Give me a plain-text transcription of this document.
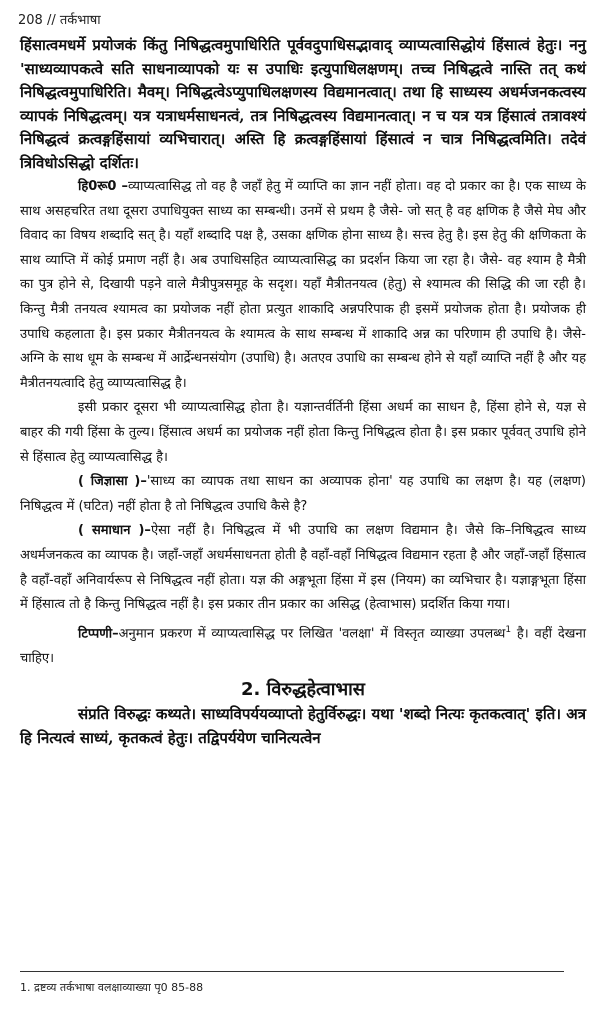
208 // तर्कभाषा

हिंसात्वमधर्मे प्रयोजकं किंतु निषिद्धत्वमुपाधिरिति पूर्ववदुपाधिसद्भावाद् व्याप्यत्वासिद्धोयं हिंसात्वं हेतुः। ननु 'साध्यव्यापकत्वे सति साधनाव्यापको यः स उपाधिः इत्युपाधिलक्षणम्। तच्च निषिद्धत्वे नास्ति तत् कथं निषिद्धत्वमुपाधिरिति। मैवम्। निषिद्धत्वेऽप्युपाधिलक्षणस्य विद्यमानत्वात्। तथा हि साध्यस्य अधर्मजनकत्वस्य व्यापकं निषिद्धत्वम्। यत्र यत्राधर्मसाधनत्वं, तत्र निषिद्धत्वस्य विद्यमानत्वात्। न च यत्र यत्र हिंसात्वं तत्रावश्यं निषिद्धत्वं क्रत्वङ्गहिंसायां व्यभिचारात्। अस्ति हि क्रत्वङ्गहिंसायां हिंसात्वं न चात्र निषिद्धत्वमिति। तदेवं त्रिविधोऽसिद्धो दर्शितः।

हि0रू0 –व्याप्यत्वासिद्ध तो वह है जहाँ हेतु में व्याप्ति का ज्ञान नहीं होता। वह दो प्रकार का है। एक साध्य के साथ असहचरित तथा दूसरा उपाधियुक्त साध्य का सम्बन्धी। उनमें से प्रथम है जैसे- जो सत् है वह क्षणिक है जैसे मेघ और विवाद का विषय शब्दादि सत् है। यहाँ शब्दादि पक्ष है, उसका क्षणिक होना साध्य है। सत्त्व हेतु है। इस हेतु की क्षणिकता के साथ व्याप्ति में कोई प्रमाण नहीं है। अब उपाधिसहित व्याप्यत्वासिद्ध का प्रदर्शन किया जा रहा है। जैसे- वह श्याम है मैत्री का पुत्र होने से, दिखायी पड़ने वाले मैत्रीपुत्रसमूह के सदृश। यहाँ मैत्रीतनयत्व (हेतु) से श्यामत्व की सिद्धि की जा रही है। किन्तु मैत्री तनयत्व श्यामत्व का प्रयोजक नहीं होता प्रत्युत शाकादि अन्नपरिपाक ही इसमें प्रयोजक होता है। प्रयोजक ही उपाधि कहलाता है। इस प्रकार मैत्रीतनयत्व के श्यामत्व के साथ सम्बन्ध में शाकादि अन्न का परिणाम ही उपाधि है। जैसे- अग्नि के साथ धूम के सम्बन्ध में आर्द्रेन्धनसंयोग (उपाधि) है। अतएव उपाधि का सम्बन्ध होने से यहाँ व्याप्ति नहीं है और यह मैत्रीतनयत्वादि हेतु व्याप्यत्वासिद्ध है।

इसी प्रकार दूसरा भी व्याप्यत्वासिद्ध होता है। यज्ञान्तर्वर्तिनी हिंसा अधर्म का साधन है, हिंसा होने से, यज्ञ से बाहर की गयी हिंसा के तुल्य। हिंसात्व अधर्म का प्रयोजक नहीं होता किन्तु निषिद्धत्व होता है। इस प्रकार पूर्ववत् उपाधि होने से हिंसात्व हेतु व्याप्यत्वासिद्ध है।

( जिज्ञासा )–'साध्य का व्यापक तथा साधन का अव्यापक होना' यह उपाधि का लक्षण है। यह (लक्षण) निषिद्धत्व में (घटित) नहीं होता है तो निषिद्धत्व उपाधि कैसे है?

( समाधान )–ऐसा नहीं है। निषिद्धत्व में भी उपाधि का लक्षण विद्यमान है। जैसे कि–निषिद्धत्व साध्य अधर्मजनकत्व का व्यापक है। जहाँ-जहाँ अधर्मसाधनता होती है वहाँ-वहाँ निषिद्धत्व विद्यमान रहता है और जहाँ-जहाँ हिंसात्व है वहाँ-वहाँ अनिवार्यरूप से निषिद्धत्व नहीं होता। यज्ञ की अङ्गभूता हिंसा में इस (नियम) का व्यभिचार है। यज्ञाङ्गभूता हिंसा में हिंसात्व तो है किन्तु निषिद्धत्व नहीं है। इस प्रकार तीन प्रकार का असिद्ध (हेत्वाभास) प्रदर्शित किया गया।

टिप्पणी–अनुमान प्रकरण में व्याप्यत्वासिद्ध पर लिखित 'वलक्षा' में विस्तृत व्याख्या उपलब्ध$^1$ है। वहीं देखना चाहिए।

2. विरुद्धहेत्वाभास

संप्रति विरुद्धः कथ्यते। साध्यविपर्ययव्याप्तो हेतुर्विरुद्धः। यथा 'शब्दो नित्यः कृतकत्वात्' इति। अत्र हि नित्यत्वं साध्यं, कृतकत्वं हेतुः। तद्विपर्ययेण चानित्यत्वेन

1. द्रष्टव्य तर्कभाषा वलक्षाव्याख्या पृ0 85-88
